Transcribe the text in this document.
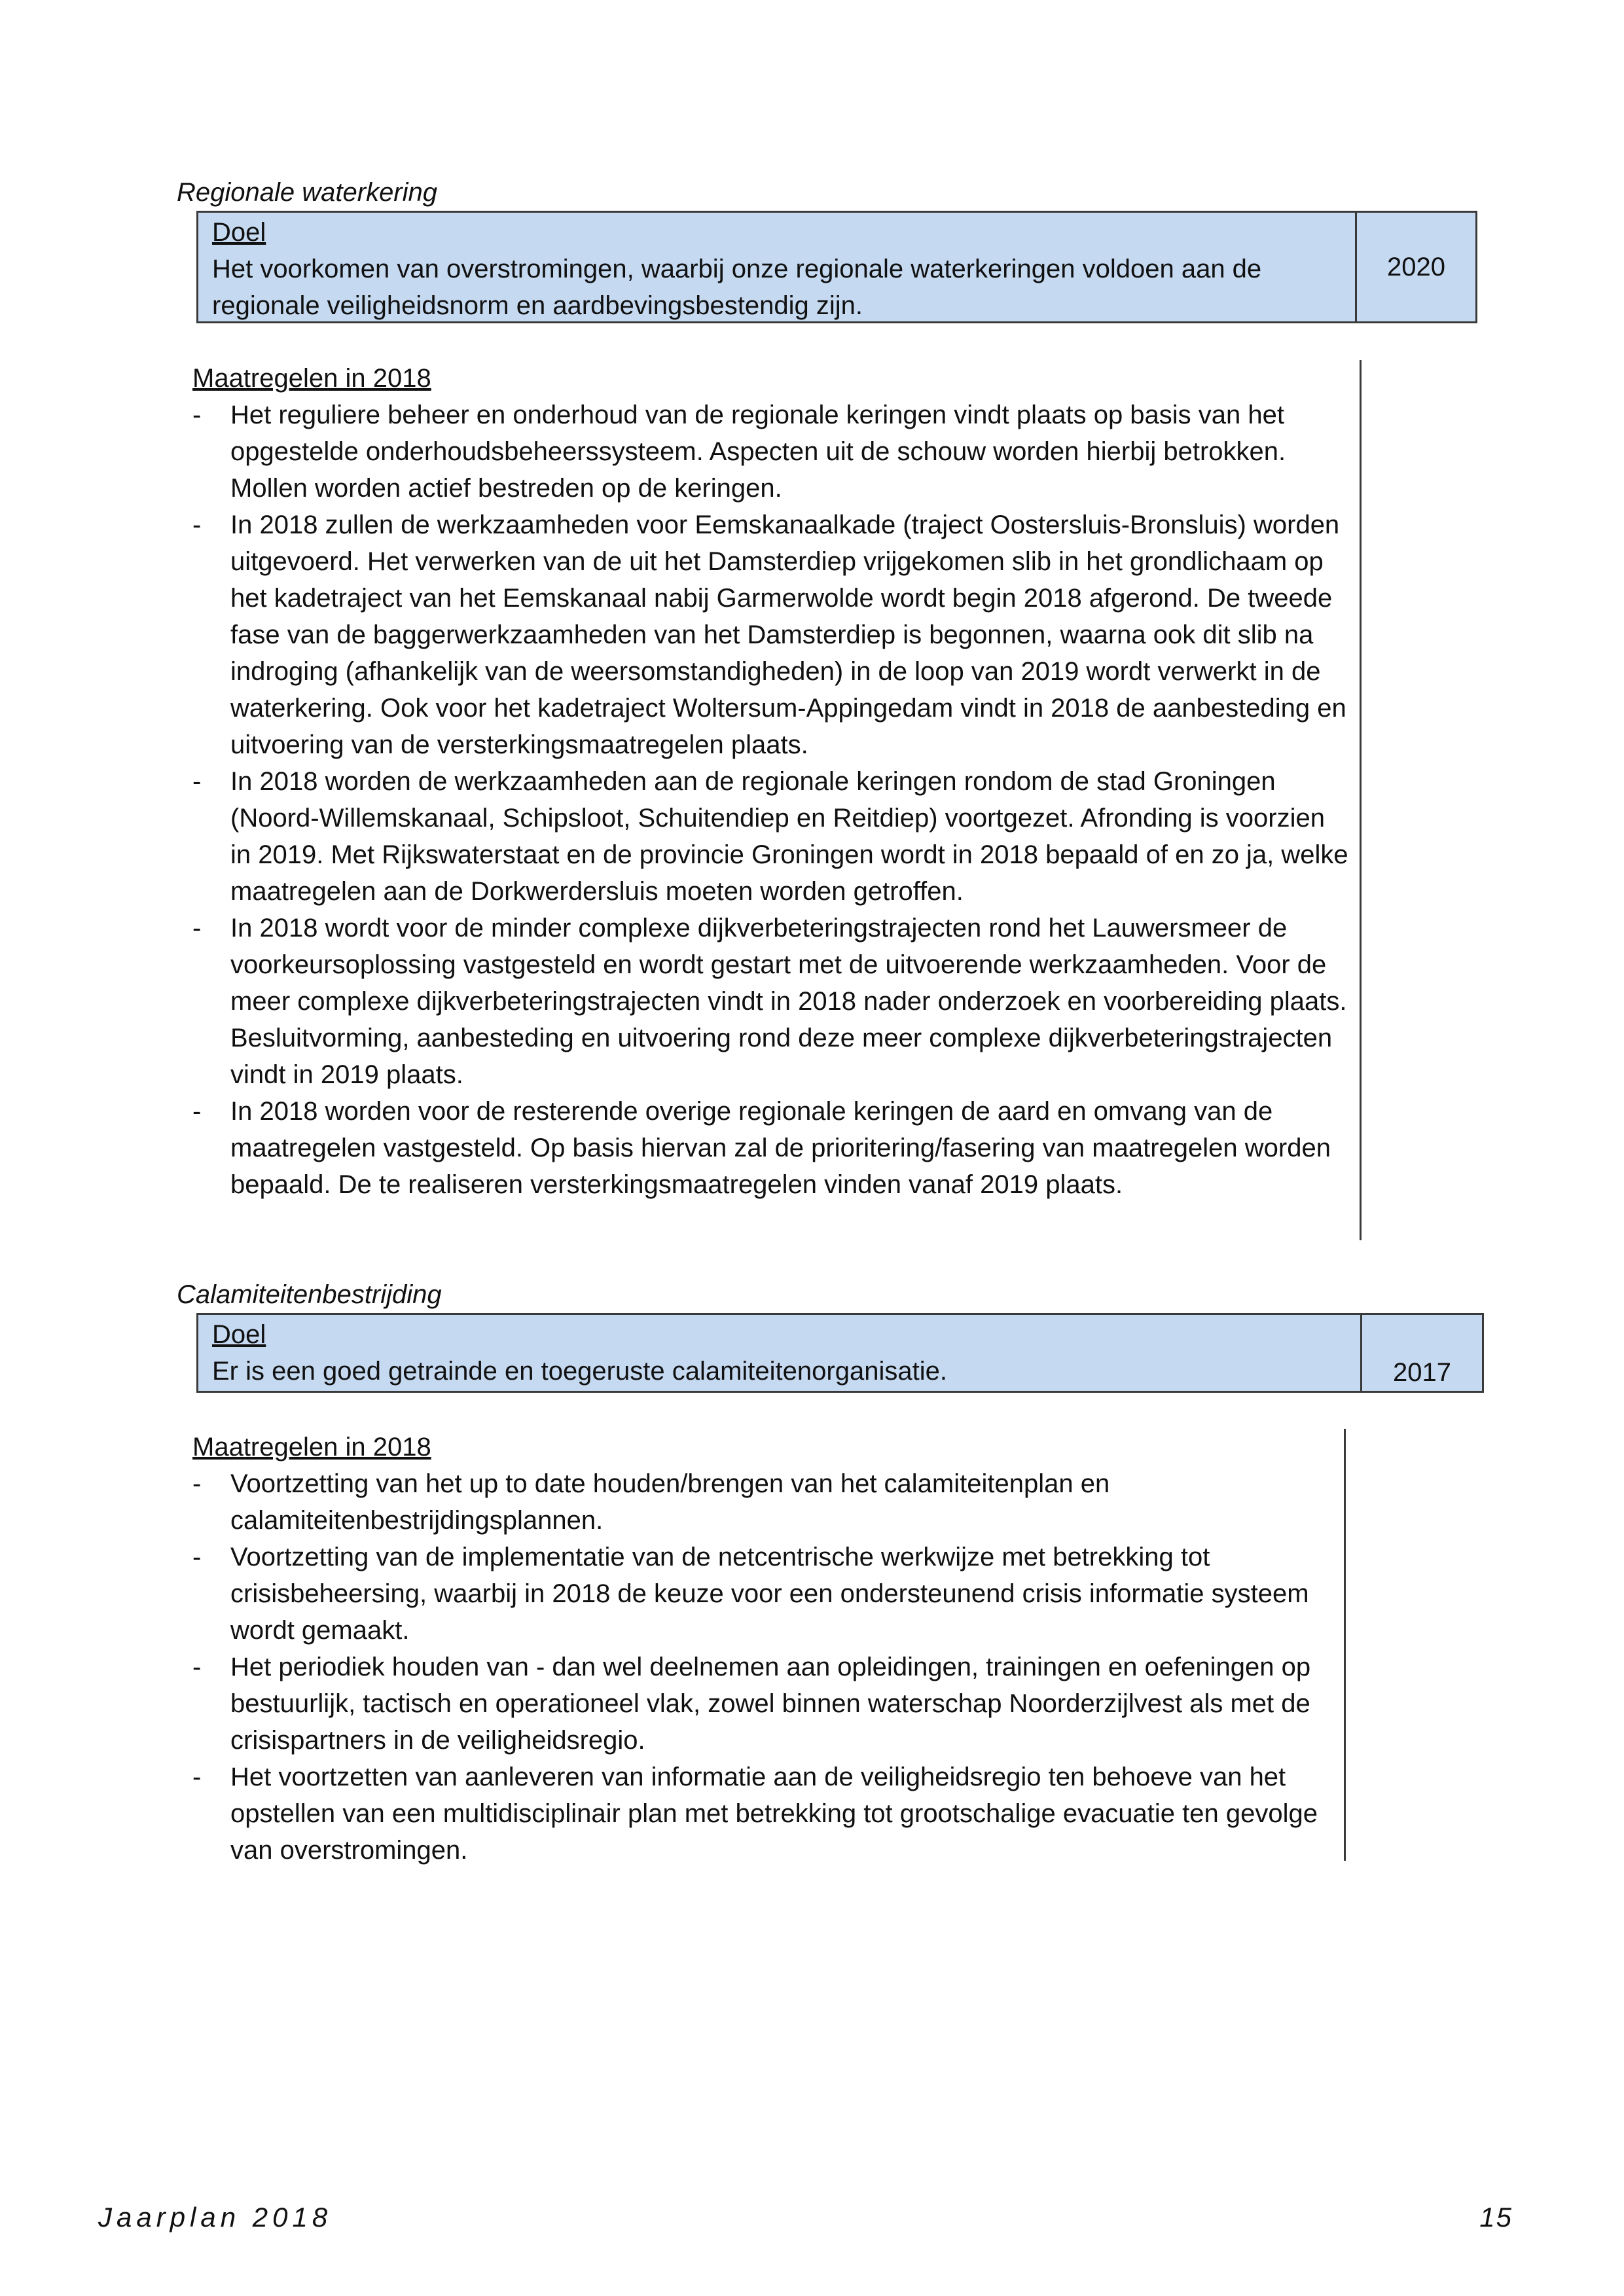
Regionale waterkering
Doel
Het voorkomen van overstromingen, waarbij onze regionale waterkeringen voldoen aan de regionale veiligheidsnorm en aardbevingsbestendig zijn.
2020
Maatregelen in 2018
- Het reguliere beheer en onderhoud van de regionale keringen vindt plaats op basis van het opgestelde onderhoudsbeheerssysteem. Aspecten uit de schouw worden hierbij betrokken. Mollen worden actief bestreden op de keringen.
- In 2018 zullen de werkzaamheden voor Eemskanaalkade (traject Oostersluis-Bronsluis) worden uitgevoerd. Het verwerken van de uit het Damsterdiep vrijgekomen slib in het grondlichaam op het kadetraject van het Eemskanaal nabij Garmerwolde wordt begin 2018 afgerond. De tweede fase van de baggerwerkzaamheden van het Damsterdiep is begonnen, waarna ook dit slib na indroging (afhankelijk van de weersomstandigheden) in de loop van 2019 wordt verwerkt in de waterkering. Ook voor het kadetraject Woltersum-Appingedam vindt in 2018 de aanbesteding en uitvoering van de versterkingsmaatregelen plaats.
- In 2018 worden de werkzaamheden aan de regionale keringen rondom de stad Groningen (Noord-Willemskanaal, Schipsloot, Schuitendiep en Reitdiep) voortgezet. Afronding is voorzien in 2019. Met Rijkswaterstaat en de provincie Groningen wordt in 2018 bepaald of en zo ja, welke maatregelen aan de Dorkwerdersluis moeten worden getroffen.
- In 2018 wordt voor de minder complexe dijkverbeteringstrajecten rond het Lauwersmeer de voorkeursoplossing vastgesteld en wordt gestart met de uitvoerende werkzaamheden. Voor de meer complexe dijkverbeteringstrajecten vindt in 2018 nader onderzoek en voorbereiding plaats. Besluitvorming, aanbesteding en uitvoering rond deze meer complexe dijkverbeteringstrajecten vindt in 2019 plaats.
- In 2018 worden voor de resterende overige regionale keringen de aard en omvang van de maatregelen vastgesteld. Op basis hiervan zal de prioritering/fasering van maatregelen worden bepaald. De te realiseren versterkingsmaatregelen vinden vanaf 2019 plaats.
Calamiteitenbestrijding
Doel
Er is een goed getrainde en toegeruste calamiteitenorganisatie.	2017
Maatregelen in 2018
- Voortzetting van het up to date houden/brengen van het calamiteitenplan en calamiteitenbestrijdingsplannen.
- Voortzetting van de implementatie van de netcentrische werkwijze met betrekking tot crisisbeheersing, waarbij in 2018 de keuze voor een ondersteunend crisis informatie systeem wordt gemaakt.
- Het periodiek houden van - dan wel deelnemen aan opleidingen, trainingen en oefeningen op bestuurlijk, tactisch en operationeel vlak, zowel binnen waterschap Noorderzijlvest als met de crisispartners in de veiligheidsregio.
- Het voortzetten van aanleveren van informatie aan de veiligheidsregio ten behoeve van het opstellen van een multidisciplinair plan met betrekking tot grootschalige evacuatie ten gevolge van overstromingen.
Jaarplan 2018	15
